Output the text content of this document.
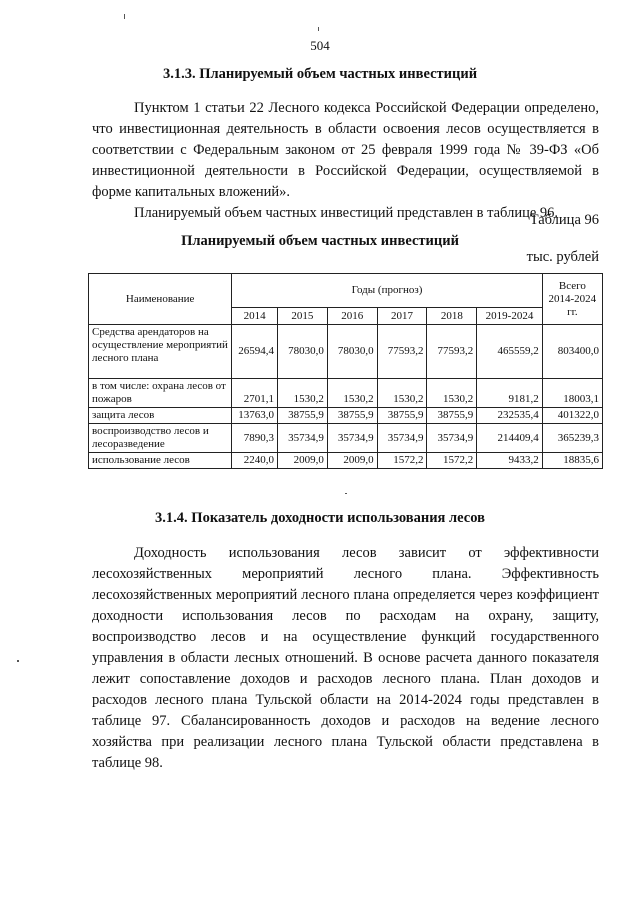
504
3.1.3. Планируемый объем частных инвестиций

Пунктом 1 статьи 22 Лесного кодекса Российской Федерации определено, что инвестиционная деятельность в области освоения лесов осуществляется в соответствии с Федеральным законом от 25 февраля 1999 года № 39-ФЗ «Об инвестиционной деятельности в Российской Федерации, осуществляемой в форме капитальных вложений».

Планируемый объем частных инвестиций представлен в таблице 96.

Таблица 96
Планируемый объем частных инвестиций
тыс. рублей
Наименование	Годы (прогноз)						Всего 2014-2024 гг.
	2014	2015	2016	2017	2018	2019-2024	
Средства арендаторов на осуществление мероприятий лесного плана	26594,4	78030,0	78030,0	77593,2	77593,2	465559,2	803400,0
в том числе: охрана лесов от пожаров	2701,1	1530,2	1530,2	1530,2	1530,2	9181,2	18003,1
защита лесов	13763,0	38755,9	38755,9	38755,9	38755,9	232535,4	401322,0
воспроизводство лесов и лесоразведение	7890,3	35734,9	35734,9	35734,9	35734,9	214409,4	365239,3
использование лесов	2240,0	2009,0	2009,0	1572,2	1572,2	9433,2	18835,6
3.1.4. Показатель доходности использования лесов

Доходность использования лесов зависит от эффективности лесохозяйственных мероприятий лесного плана. Эффективность лесохозяйственных мероприятий лесного плана определяется через коэффициент доходности использования лесов по расходам на охрану, защиту, воспроизводство лесов и на осуществление функций государственного управления в области лесных отношений. В основе расчета данного показателя лежит сопоставление доходов и расходов лесного плана. План доходов и расходов лесного плана Тульской области на 2014-2024 годы представлен в таблице 97. Сбалансированность доходов и расходов на ведение лесного хозяйства при реализации лесного плана Тульской области представлена в таблице 98.
